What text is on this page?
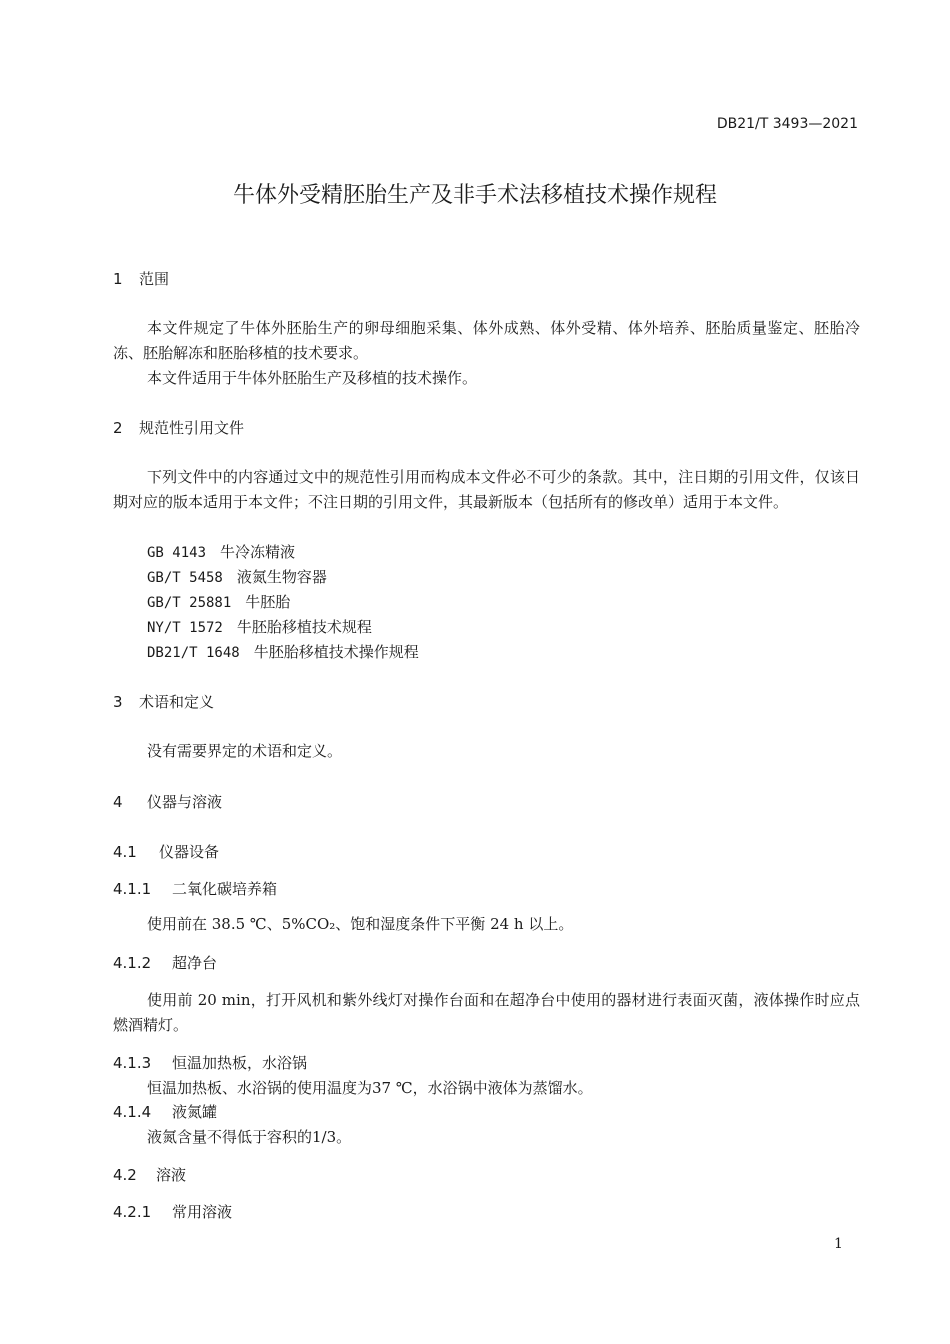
DB21/T 3493—2021
牛体外受精胚胎生产及非手术法移植技术操作规程
1 范围
本文件规定了牛体外胚胎生产的卵母细胞采集、体外成熟、体外受精、体外培养、胚胎质量鉴定、胚胎冷冻、胚胎解冻和胚胎移植的技术要求。
本文件适用于牛体外胚胎生产及移植的技术操作。
2 规范性引用文件
下列文件中的内容通过文中的规范性引用而构成本文件必不可少的条款。其中，注日期的引用文件，仅该日期对应的版本适用于本文件；不注日期的引用文件，其最新版本（包括所有的修改单）适用于本文件。
GB 4143 牛冷冻精液
GB/T 5458 液氮生物容器
GB/T 25881 牛胚胎
NY/T 1572 牛胚胎移植技术规程
DB21/T 1648 牛胚胎移植技术操作规程
3 术语和定义
没有需要界定的术语和定义。
4 仪器与溶液
4.1 仪器设备
4.1.1 二氧化碳培养箱
使用前在 38.5 ℃、5%CO₂、饱和湿度条件下平衡 24 h 以上。
4.1.2 超净台
使用前 20 min，打开风机和紫外线灯对操作台面和在超净台中使用的器材进行表面灭菌，液体操作时应点燃酒精灯。
4.1.3 恒温加热板，水浴锅
恒温加热板、水浴锅的使用温度为37 ℃，水浴锅中液体为蒸馏水。
4.1.4 液氮罐
液氮含量不得低于容积的1/3。
4.2 溶液
4.2.1 常用溶液
1
